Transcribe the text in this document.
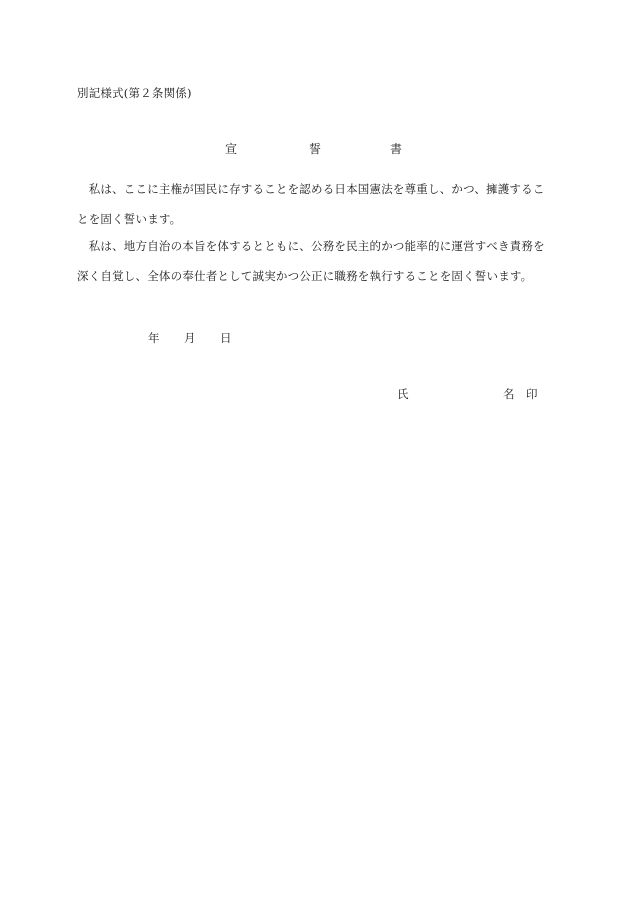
別記様式(第２条関係)
宣	誓	書
　私は、ここに主権が国民に存することを認める日本国憲法を尊重し、かつ、擁護するこ
とを固く誓います。
　私は、地方自治の本旨を体するとともに、公務を民主的かつ能率的に運営すべき責務を
深く自覚し、全体の奉仕者として誠実かつ公正に職務を執行することを固く誓います。
年 月 日
氏	名 印
